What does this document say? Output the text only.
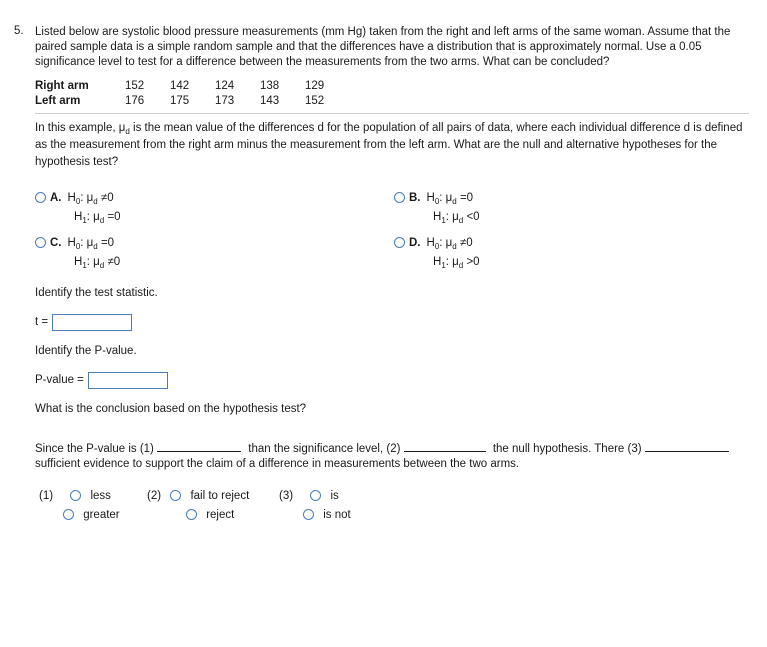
5. Listed below are systolic blood pressure measurements (mm Hg) taken from the right and left arms of the same woman. Assume that the paired sample data is a simple random sample and that the differences have a distribution that is approximately normal. Use a 0.05 significance level to test for a difference between the measurements from the two arms. What can be concluded?
Right arm	152	142	124	138	129
Left arm	176	175	173	143	152
In this example, $\mu_d$ is the mean value of the differences d for the population of all pairs of data, where each individual difference d is defined as the measurement from the right arm minus the measurement from the left arm. What are the null and alternative hypotheses for the hypothesis test?
A. $H_0$: $\mu_d \ne 0$
$H_1$: $\mu_d =0$
B. $H_0$: $\mu_d =0$
$H_1$: $\mu_d <0$
C. $H_0$: $\mu_d =0$
$H_1$: $\mu_d \ne 0$
D. $H_0$: $\mu_d \ne 0$
$H_1$: $\mu_d >0$
Identify the test statistic.
t =
Identify the P-value.
P-value =
What is the conclusion based on the hypothesis test?
Since the P-value is (1)	than the significance level, (2)	the null hypothesis. There (3)
sufficient evidence to support the claim of a difference in measurements between the two arms.
(1)	less
greater
(2)	fail to reject
reject
(3)	is
is not
